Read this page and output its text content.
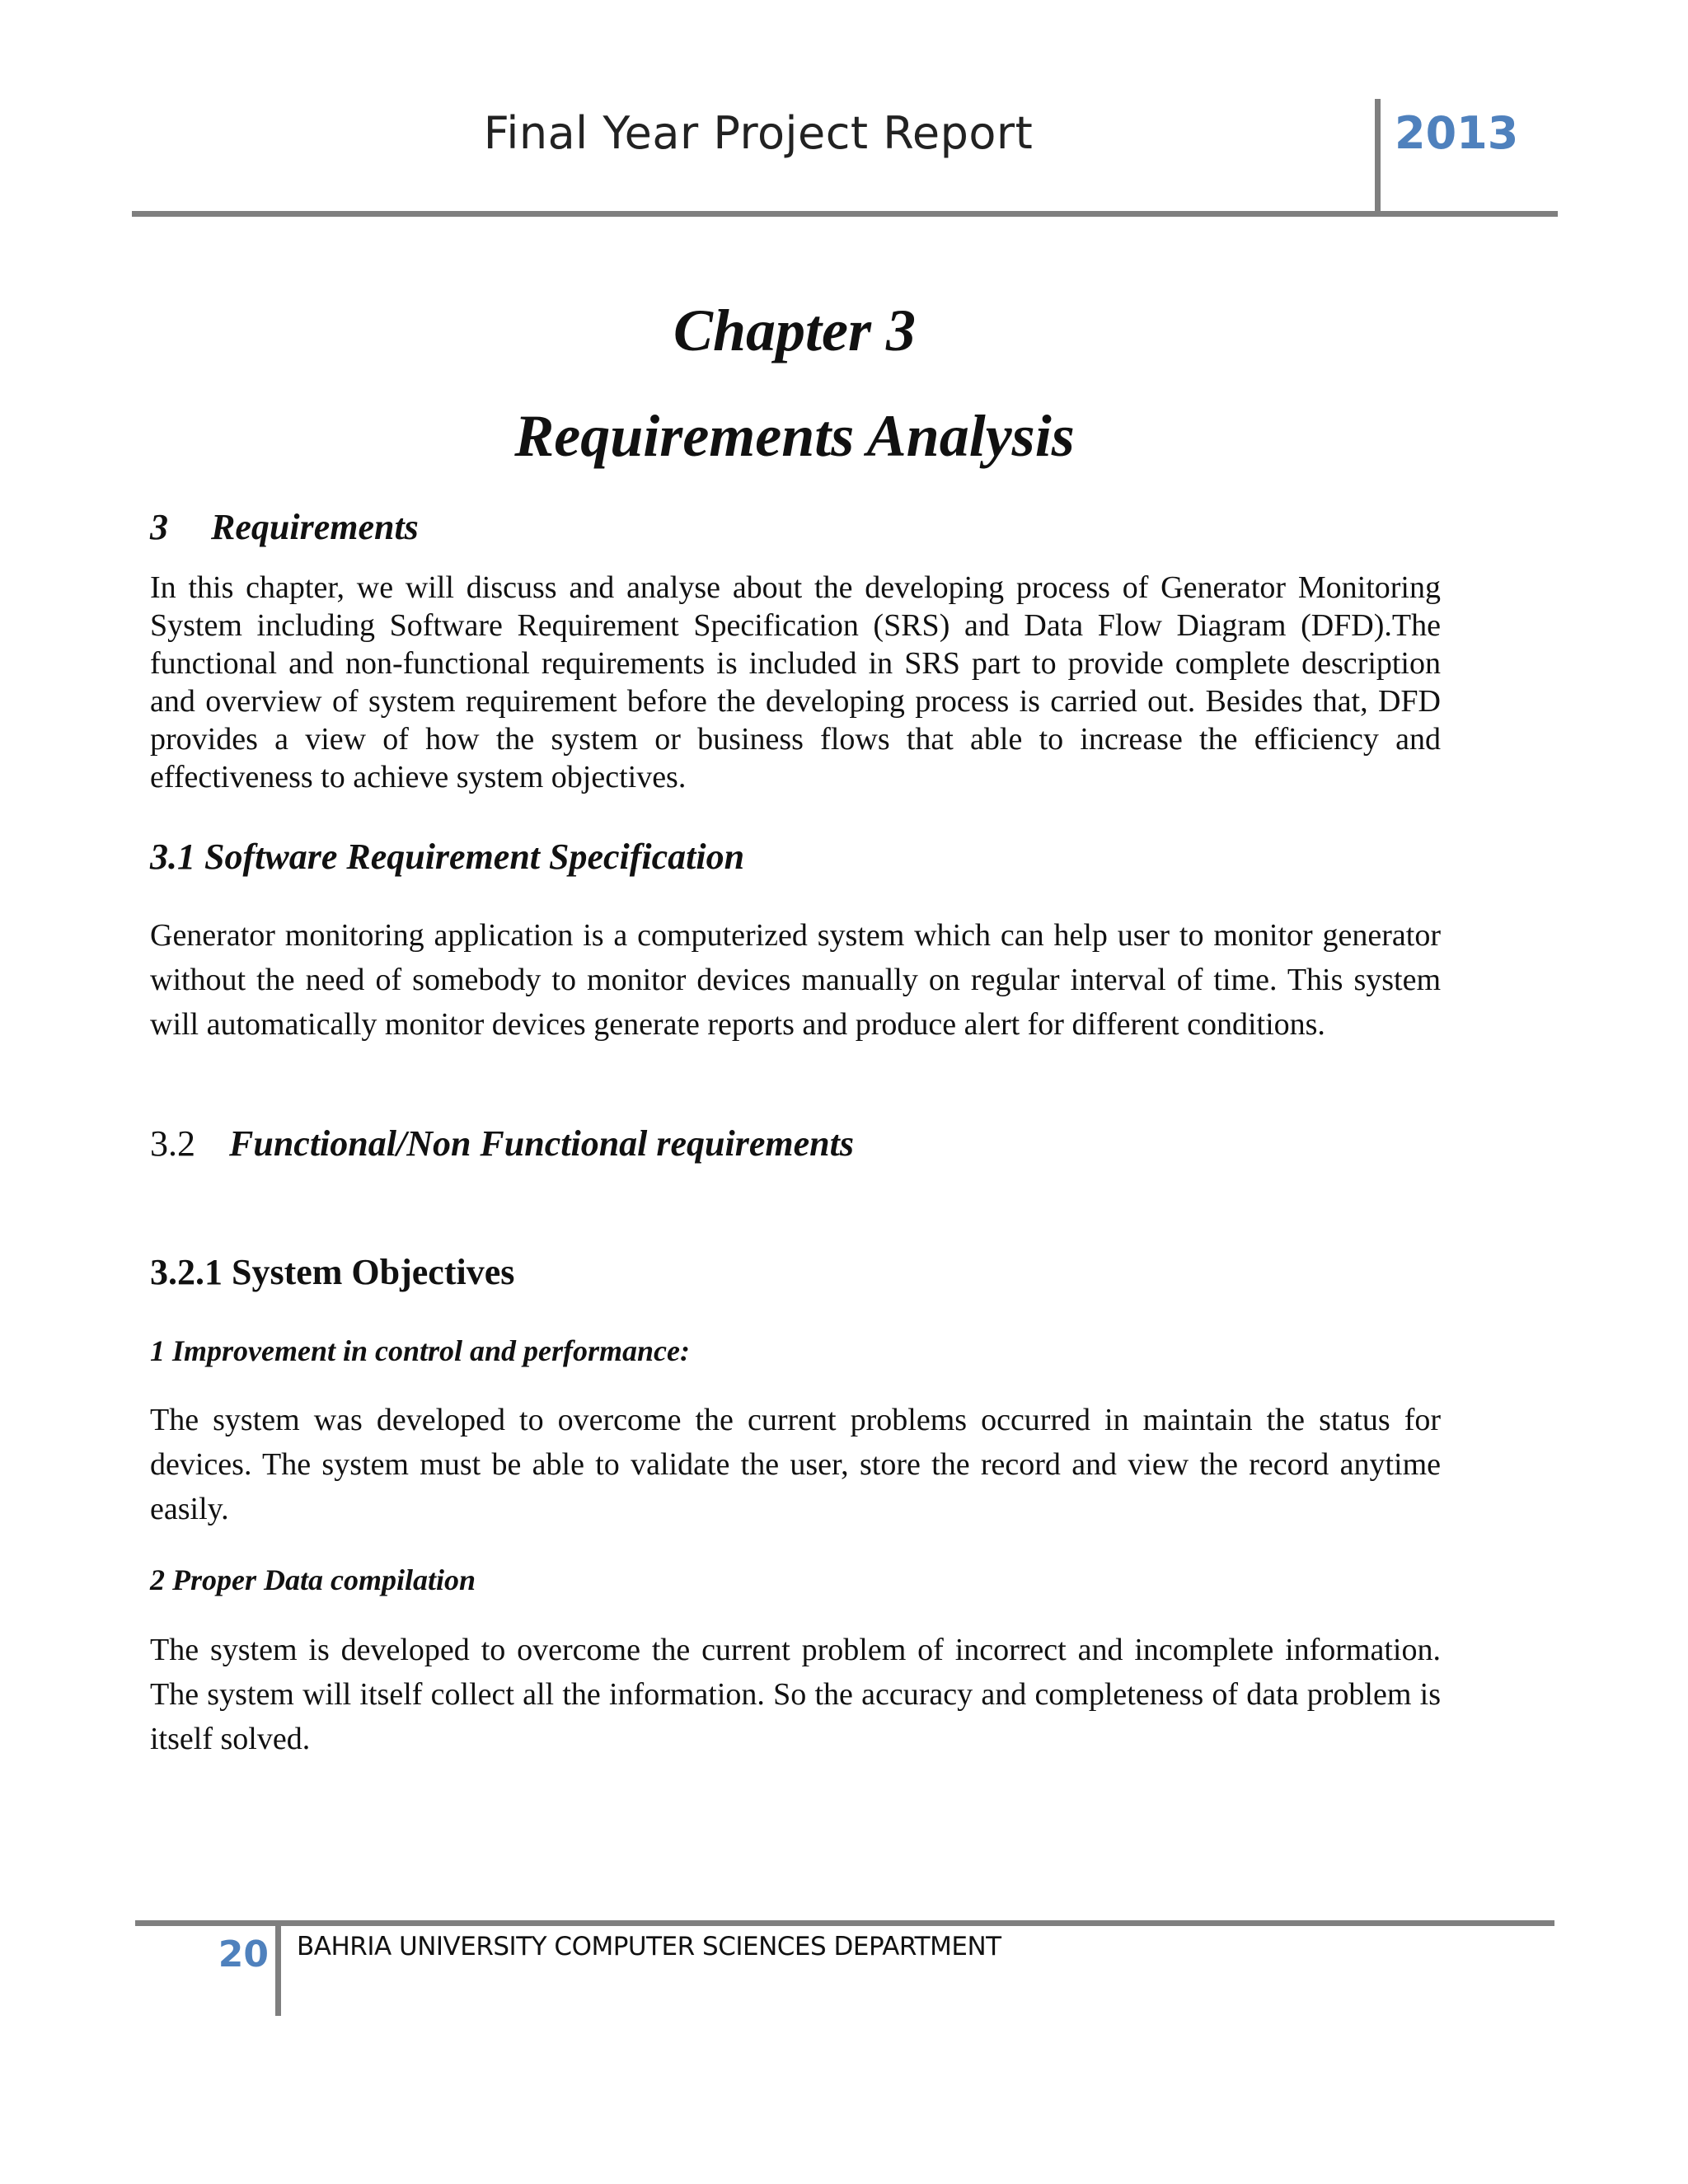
Final Year Project Report	2013
Chapter 3
Requirements Analysis
3 Requirements
In this chapter, we will discuss and analyse about the developing process of Generator Monitoring System including Software Requirement Specification (SRS) and Data Flow Diagram (DFD).The functional and non-functional requirements is included in SRS part to provide complete description and overview of system requirement before the developing process is carried out. Besides that, DFD provides a view of how the system or business flows that able to increase the efficiency and effectiveness to achieve system objectives.
3.1 Software Requirement Specification
Generator monitoring application is a computerized system which can help user to monitor generator without the need of somebody to monitor devices manually on regular interval of time. This system will automatically monitor devices generate reports and produce alert for different conditions.
3.2 Functional/Non Functional requirements
3.2.1 System Objectives
1 Improvement in control and performance:
The system was developed to overcome the current problems occurred in maintain the status for devices. The system must be able to validate the user, store the record and view the record anytime easily.
2 Proper Data compilation
The system is developed to overcome the current problem of incorrect and incomplete information. The system will itself collect all the information. So the accuracy and completeness of data problem is itself solved.
20 BAHRIA UNIVERSITY COMPUTER SCIENCES DEPARTMENT
